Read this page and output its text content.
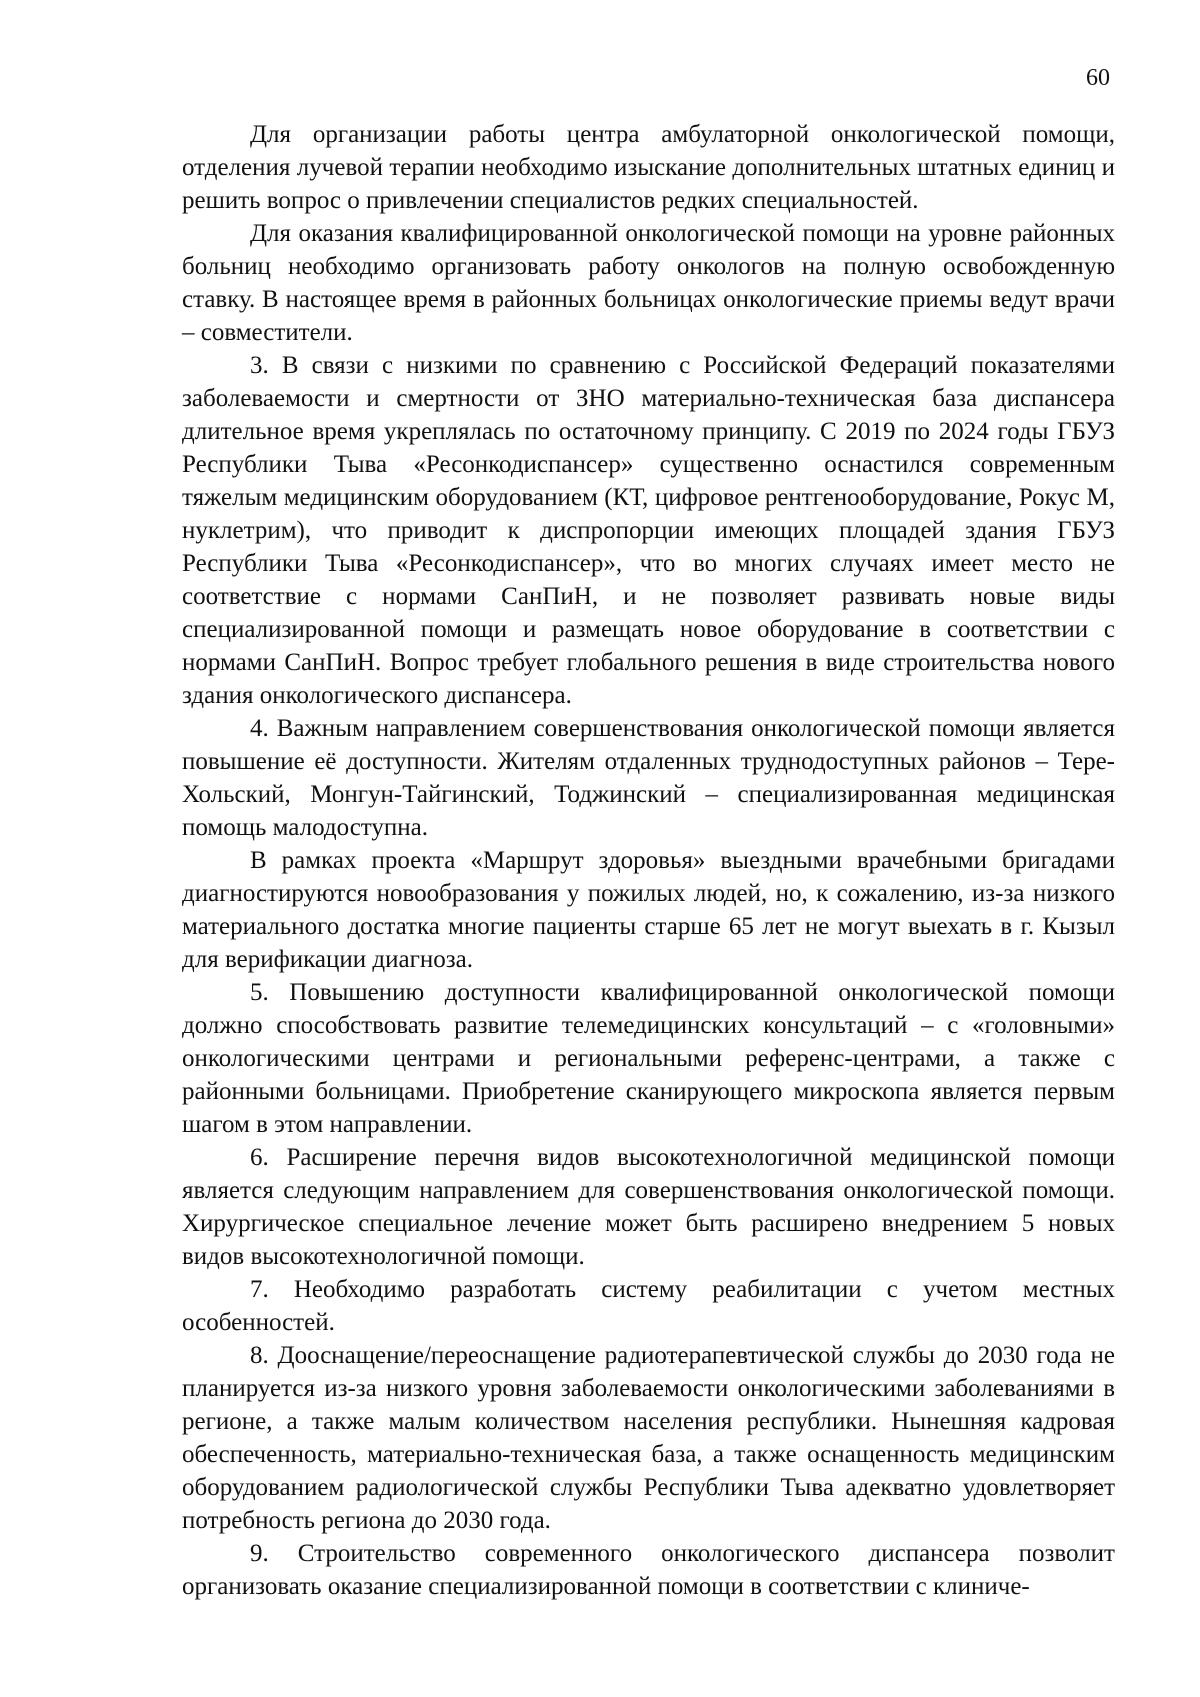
60

Для организации работы центра амбулаторной онкологической помощи, отделения лучевой терапии необходимо изыскание дополнительных штатных единиц и решить вопрос о привлечении специалистов редких специальностей.

Для оказания квалифицированной онкологической помощи на уровне районных больниц необходимо организовать работу онкологов на полную освобожденную ставку. В настоящее время в районных больницах онкологические приемы ведут врачи – совместители.

3. В связи с низкими по сравнению с Российской Федераций показателями заболеваемости и смертности от ЗНО материально-техническая база диспансера длительное время укреплялась по остаточному принципу. С 2019 по 2024 годы ГБУЗ Республики Тыва «Ресонкодиспансер» существенно оснастился современным тяжелым медицинским оборудованием (КТ, цифровое рентгенооборудование, Рокус М, нуклетрим), что приводит к диспропорции имеющих площадей здания ГБУЗ Республики Тыва «Ресонкодиспансер», что во многих случаях имеет место не соответствие с нормами СанПиН, и не позволяет развивать новые виды специализированной помощи и размещать новое оборудование в соответствии с нормами СанПиН. Вопрос требует глобального решения в виде строительства нового здания онкологического диспансера.

4. Важным направлением совершенствования онкологической помощи является повышение её доступности. Жителям отдаленных труднодоступных районов – Тере-Хольский, Монгун-Тайгинский, Тоджинский – специализированная медицинская помощь малодоступна.

В рамках проекта «Маршрут здоровья» выездными врачебными бригадами диагностируются новообразования у пожилых людей, но, к сожалению, из-за низкого материального достатка многие пациенты старше 65 лет не могут выехать в г. Кызыл для верификации диагноза.

5. Повышению доступности квалифицированной онкологической помощи должно способствовать развитие телемедицинских консультаций – с «головными» онкологическими центрами и региональными референс-центрами, а также с районными больницами. Приобретение сканирующего микроскопа является первым шагом в этом направлении.

6. Расширение перечня видов высокотехнологичной медицинской помощи является следующим направлением для совершенствования онкологической помощи. Хирургическое специальное лечение может быть расширено внедрением 5 новых видов высокотехнологичной помощи.

7. Необходимо разработать систему реабилитации с учетом местных особенностей.

8. Дооснащение/переоснащение радиотерапевтической службы до 2030 года не планируется из-за низкого уровня заболеваемости онкологическими заболеваниями в регионе, а также малым количеством населения республики. Нынешняя кадровая обеспеченность, материально-техническая база, а также оснащенность медицинским оборудованием радиологической службы Республики Тыва адекватно удовлетворяет потребность региона до 2030 года.

9. Строительство современного онкологического диспансера позволит организовать оказание специализированной помощи в соответствии с клиниче-
